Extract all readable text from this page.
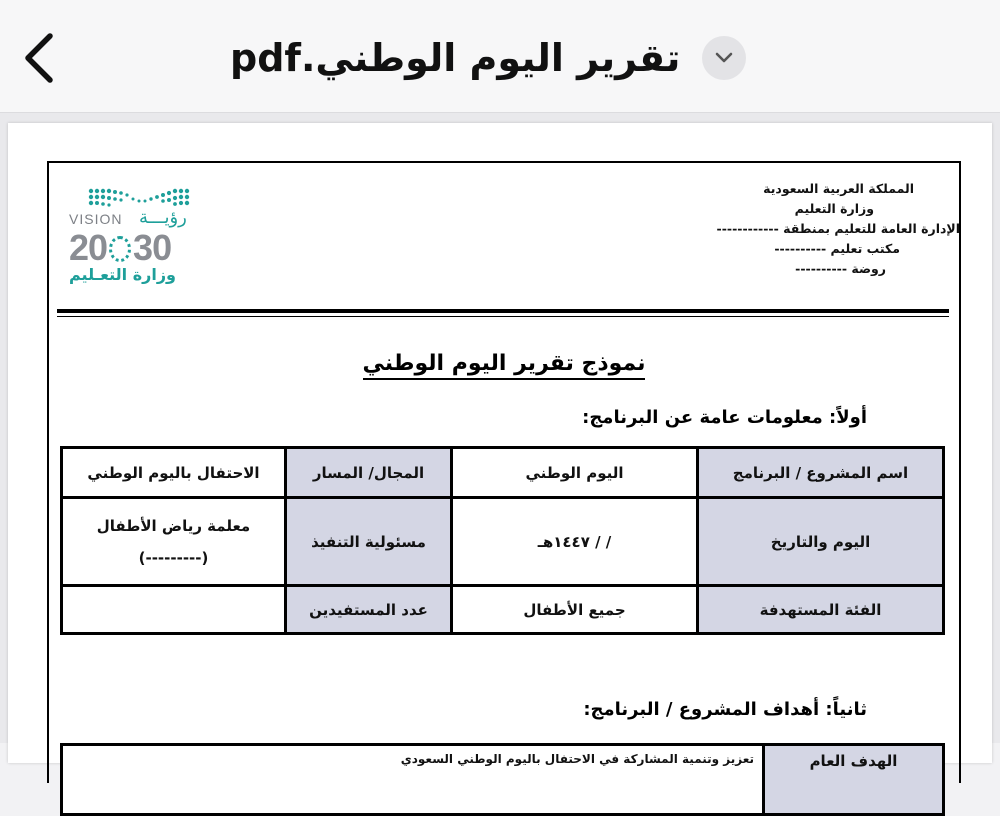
تقرير اليوم الوطني.pdf
VISION رؤيـــة
20 30
وزارة التعـليم
المملكة العربية السعودية
وزارة التعليم
الإدارة العامة للتعليم بمنطقة ------------
مكتب تعليم ----------
روضة ----------
نموذج تقرير اليوم الوطني
أولاً: معلومات عامة عن البرنامج:
اسم المشروع / البرنامج	اليوم الوطني	المجال/ المسار	الاحتفال باليوم الوطني
اليوم والتاريخ	/ / ١٤٤٧هـ	مسئولية التنفيذ	معلمة رياض الأطفال
(---------)

الفئة المستهدفة	جميع الأطفال	عدد المستفيدين	
ثانياً: أهداف المشروع / البرنامج:
الهدف العام	تعزيز وتنمية المشاركة في الاحتفال باليوم الوطني السعودي
